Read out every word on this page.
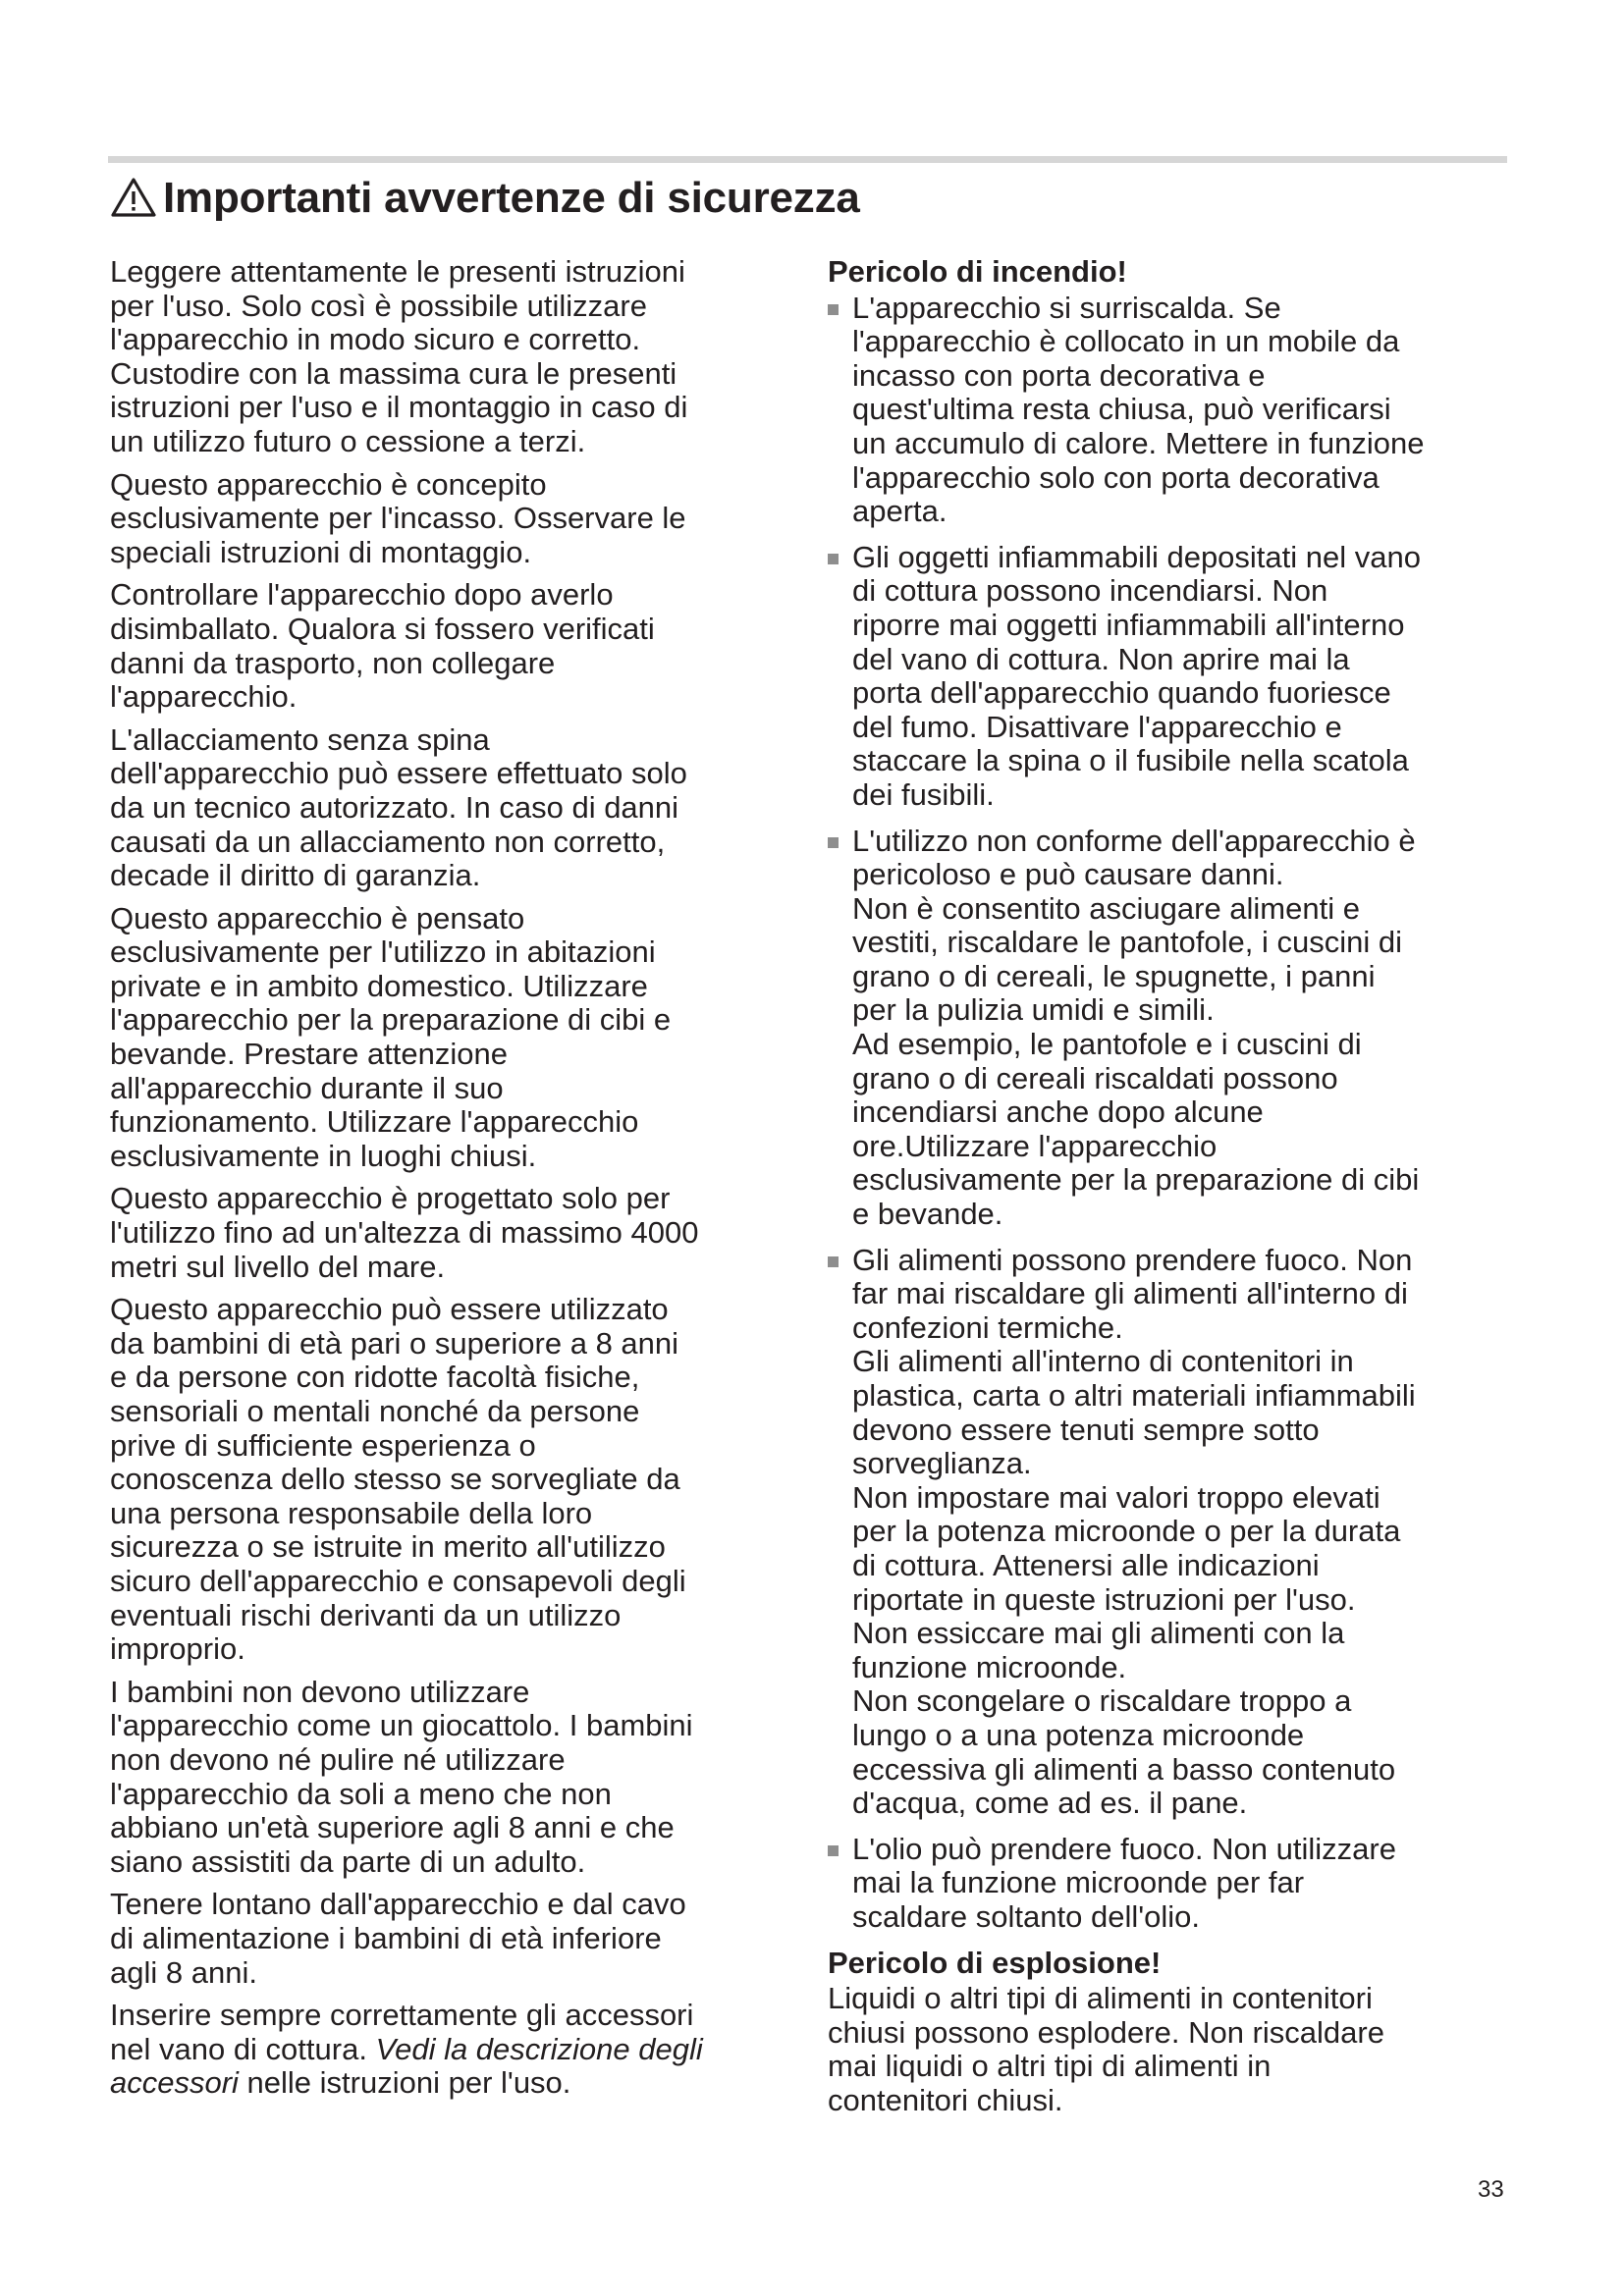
Importanti avvertenze di sicurezza

Leggere attentamente le presenti istruzioni
per l'uso. Solo così è possibile utilizzare
l'apparecchio in modo sicuro e corretto.
Custodire con la massima cura le presenti
istruzioni per l'uso e il montaggio in caso di
un utilizzo futuro o cessione a terzi.

Questo apparecchio è concepito
esclusivamente per l'incasso. Osservare le
speciali istruzioni di montaggio.

Controllare l'apparecchio dopo averlo
disimballato. Qualora si fossero verificati
danni da trasporto, non collegare
l'apparecchio.

L'allacciamento senza spina
dell'apparecchio può essere effettuato solo
da un tecnico autorizzato. In caso di danni
causati da un allacciamento non corretto,
decade il diritto di garanzia.

Questo apparecchio è pensato
esclusivamente per l'utilizzo in abitazioni
private e in ambito domestico. Utilizzare
l'apparecchio per la preparazione di cibi e
bevande. Prestare attenzione
all'apparecchio durante il suo
funzionamento. Utilizzare l'apparecchio
esclusivamente in luoghi chiusi.

Questo apparecchio è progettato solo per
l'utilizzo fino ad un'altezza di massimo 4000
metri sul livello del mare.

Questo apparecchio può essere utilizzato
da bambini di età pari o superiore a 8 anni
e da persone con ridotte facoltà fisiche,
sensoriali o mentali nonché da persone
prive di sufficiente esperienza o
conoscenza dello stesso se sorvegliate da
una persona responsabile della loro
sicurezza o se istruite in merito all'utilizzo
sicuro dell'apparecchio e consapevoli degli
eventuali rischi derivanti da un utilizzo
improprio.

I bambini non devono utilizzare
l'apparecchio come un giocattolo. I bambini
non devono né pulire né utilizzare
l'apparecchio da soli a meno che non
abbiano un'età superiore agli 8 anni e che
siano assistiti da parte di un adulto.

Tenere lontano dall'apparecchio e dal cavo
di alimentazione i bambini di età inferiore
agli 8 anni.

Inserire sempre correttamente gli accessori
nel vano di cottura. Vedi la descrizione degli
accessori nelle istruzioni per l'uso.

Pericolo di incendio!
L'apparecchio si surriscalda. Se
l'apparecchio è collocato in un mobile da
incasso con porta decorativa e
quest'ultima resta chiusa, può verificarsi
un accumulo di calore. Mettere in funzione
l'apparecchio solo con porta decorativa
aperta.
Gli oggetti infiammabili depositati nel vano
di cottura possono incendiarsi. Non
riporre mai oggetti infiammabili all'interno
del vano di cottura. Non aprire mai la
porta dell'apparecchio quando fuoriesce
del fumo. Disattivare l'apparecchio e
staccare la spina o il fusibile nella scatola
dei fusibili.
L'utilizzo non conforme dell'apparecchio è
pericoloso e può causare danni.
Non è consentito asciugare alimenti e
vestiti, riscaldare le pantofole, i cuscini di
grano o di cereali, le spugnette, i panni
per la pulizia umidi e simili.
Ad esempio, le pantofole e i cuscini di
grano o di cereali riscaldati possono
incendiarsi anche dopo alcune
ore.Utilizzare l'apparecchio
esclusivamente per la preparazione di cibi
e bevande.
Gli alimenti possono prendere fuoco. Non
far mai riscaldare gli alimenti all'interno di
confezioni termiche.
Gli alimenti all'interno di contenitori in
plastica, carta o altri materiali infiammabili
devono essere tenuti sempre sotto
sorveglianza.
Non impostare mai valori troppo elevati
per la potenza microonde o per la durata
di cottura. Attenersi alle indicazioni
riportate in queste istruzioni per l'uso.
Non essiccare mai gli alimenti con la
funzione microonde.
Non scongelare o riscaldare troppo a
lungo o a una potenza microonde
eccessiva gli alimenti a basso contenuto
d'acqua, come ad es. il pane.
L'olio può prendere fuoco. Non utilizzare
mai la funzione microonde per far
scaldare soltanto dell'olio.
Pericolo di esplosione!

Liquidi o altri tipi di alimenti in contenitori
chiusi possono esplodere. Non riscaldare
mai liquidi o altri tipi di alimenti in
contenitori chiusi.

33
